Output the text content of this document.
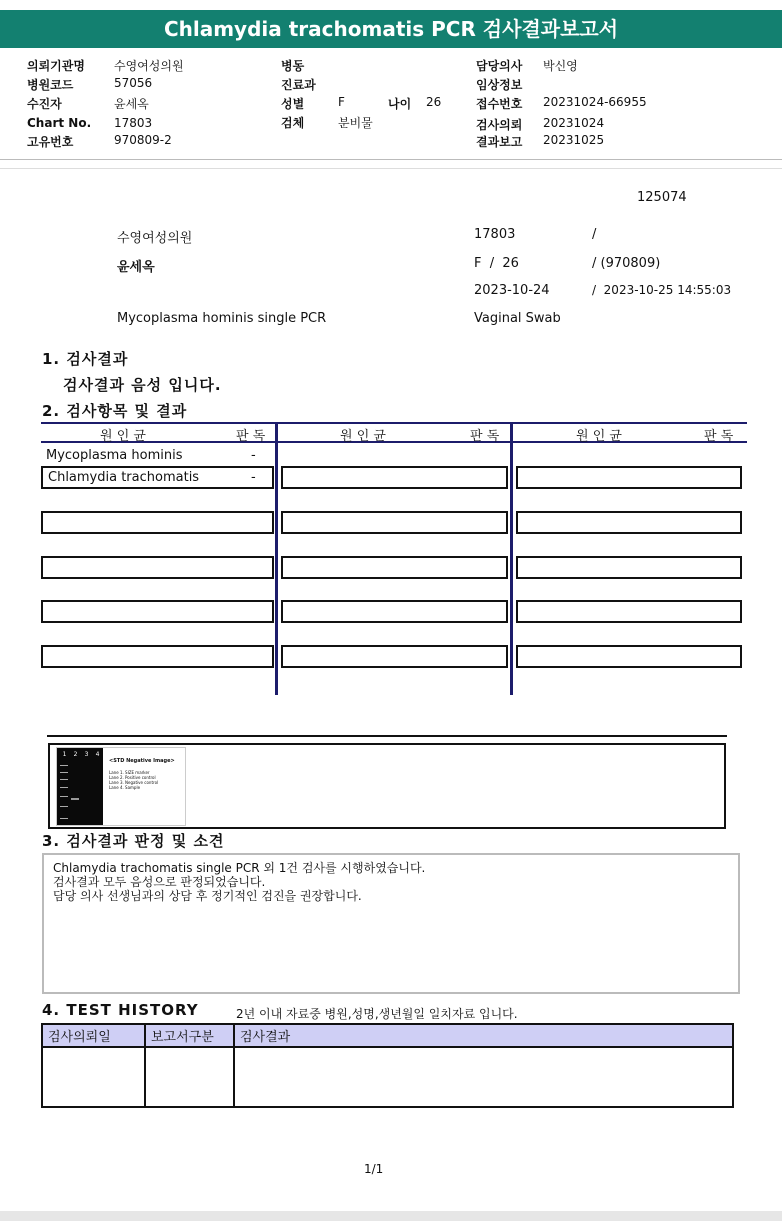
Chlamydia trachomatis PCR 검사결과보고서
의뢰기관명 수영여성의원
병원코드	57056
수진자	윤세옥
Chart No. 17803
고유번호	970809-2
병동
진료과
성별	F	나이 26
검체	분비물
담당의사 박신영
임상정보
접수번호 20231024-66955
검사의뢰 20231024
결과보고 20231025
125074
수영여성의원	17803	/
윤세옥	F  /  26	/ (970809)
2023-10-24	/  2023-10-25 14:55:03
Mycoplasma hominis single PCR	Vaginal Swab
1. 검사결과
검사결과 음성 입니다.
2. 검사항목 및 결과
원 인 균	판 독	원 인 균	판 독	원 인 균	판 독
Mycoplasma hominis	-
Chlamydia trachomatis	-
1 2 3 4
<STD Negative Image>
Lane 1. SIZE marker
Lane 2. Positive control
Lane 3. Negative control
Lane 4. Sample
3. 검사결과 판정 및 소견
Chlamydia trachomatis single PCR 외 1건 검사를 시행하였습니다.
검사결과 모두 음성으로 판정되었습니다.
담당 의사 선생님과의 상담 후 정기적인 검진을 권장합니다.
4. TEST HISTORY	2년 이내 자료중 병원,성명,생년월일 일치자료 입니다.
검사의뢰일	보고서구분	검사결과

1/1
